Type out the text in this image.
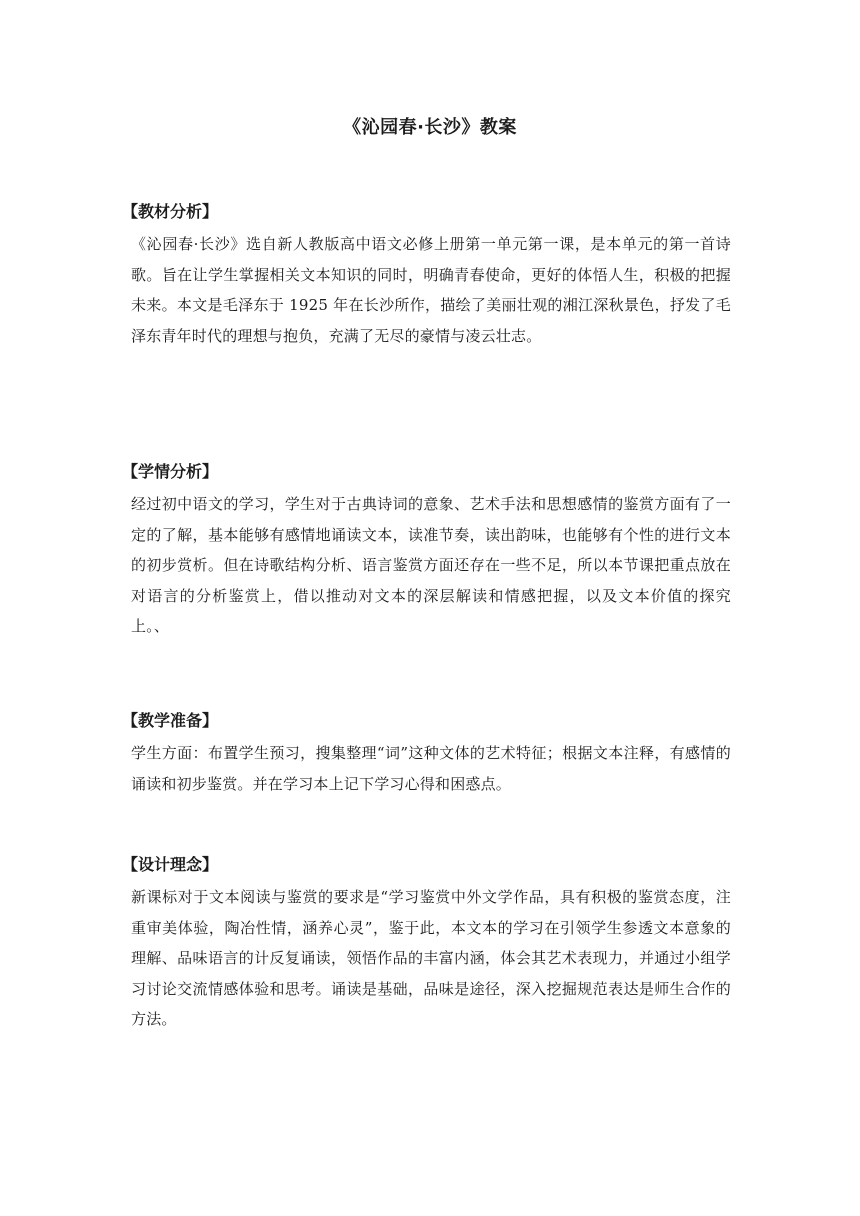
《沁园春·长沙》教案
【教材分析】

《沁园春·长沙》选自新人教版高中语文必修上册第一单元第一课，是本单元的第一首诗歌。旨在让学生掌握相关文本知识的同时，明确青春使命，更好的体悟人生，积极的把握未来。本文是毛泽东于 1925 年在长沙所作，描绘了美丽壮观的湘江深秋景色，抒发了毛泽东青年时代的理想与抱负，充满了无尽的豪情与凌云壮志。

【学情分析】

经过初中语文的学习，学生对于古典诗词的意象、艺术手法和思想感情的鉴赏方面有了一定的了解，基本能够有感情地诵读文本，读准节奏，读出韵味，也能够有个性的进行文本的初步赏析。但在诗歌结构分析、语言鉴赏方面还存在一些不足，所以本节课把重点放在对语言的分析鉴赏上，借以推动对文本的深层解读和情感把握，以及文本价值的探究上。、

【教学准备】

学生方面：布置学生预习，搜集整理“词”这种文体的艺术特征；根据文本注释，有感情的诵读和初步鉴赏。并在学习本上记下学习心得和困惑点。

【设计理念】

新课标对于文本阅读与鉴赏的要求是“学习鉴赏中外文学作品，具有积极的鉴赏态度，注重审美体验，陶冶性情，涵养心灵”，鉴于此，本文本的学习在引领学生参透文本意象的理解、品味语言的计反复诵读，领悟作品的丰富内涵，体会其艺术表现力，并通过小组学习讨论交流情感体验和思考。诵读是基础，品味是途径，深入挖掘规范表达是师生合作的方法。
